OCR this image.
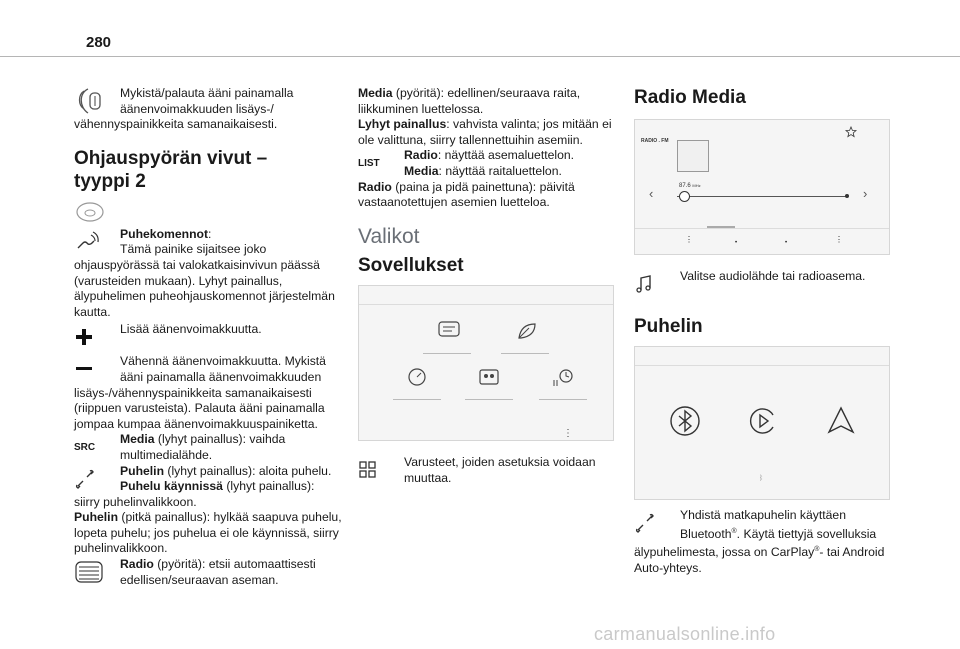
280

Mykistä/palauta ääni painamalla äänenvoimakkuuden lisäys-/ vähennyspainikkeita samanaikaisesti.

Ohjauspyörän vivut – tyyppi 2

Puhekomennot:
Tämä painike sijaitsee joko ohjauspyörässä tai valokatkaisinvivun päässä (varusteiden mukaan). Lyhyt painallus, älypuhelimen puheohjauskomennot järjestelmän kautta.

Lisää äänenvoimakkuutta.

Vähennä äänenvoimakkuutta. Mykistä ääni painamalla äänenvoimakkuuden lisäys-/vähennyspainikkeita samanaikaisesti (riippuen varusteista). Palauta ääni painamalla jompaa kumpaa äänenvoimakkuuspainiketta.

SRC

Media (lyhyt painallus): vaihda multimedialähde.

Puhelin (lyhyt painallus): aloita puhelu.
Puhelu käynnissä (lyhyt painallus): siirry puhelinvalikkoon.
Puhelin (pitkä painallus): hylkää saapuva puhelu, lopeta puhelu; jos puhelua ei ole käynnissä, siirry puhelinvalikkoon.

Radio (pyöritä): etsii automaattisesti edellisen/seuraavan aseman.

Media (pyöritä): edellinen/seuraava raita, liikkuminen luettelossa.

Lyhyt painallus: vahvista valinta; jos mitään ei ole valittuna, siirry tallennettuihin asemiin.

LIST

Radio: näyttää asemaluettelon.
Media: näyttää raitaluettelon.

Radio (paina ja pidä painettuna): päivitä vastaanotettujen asemien luetteloa.

Valikot
Sovellukset
⋮

Varusteet, joiden asetuksia voidaan muuttaa.

Radio Media
RADIO . FM
87.6 MHz
‹	›
⋮	⋮
•	•

Valitse audiolähde tai radioasema.

Puhelin
ᛒ

Yhdistä matkapuhelin käyttäen Bluetooth®. Käytä tiettyjä sovelluksia älypuhelimesta, jossa on CarPlay®- tai Android Auto-yhteys.

carmanualsonline.info
